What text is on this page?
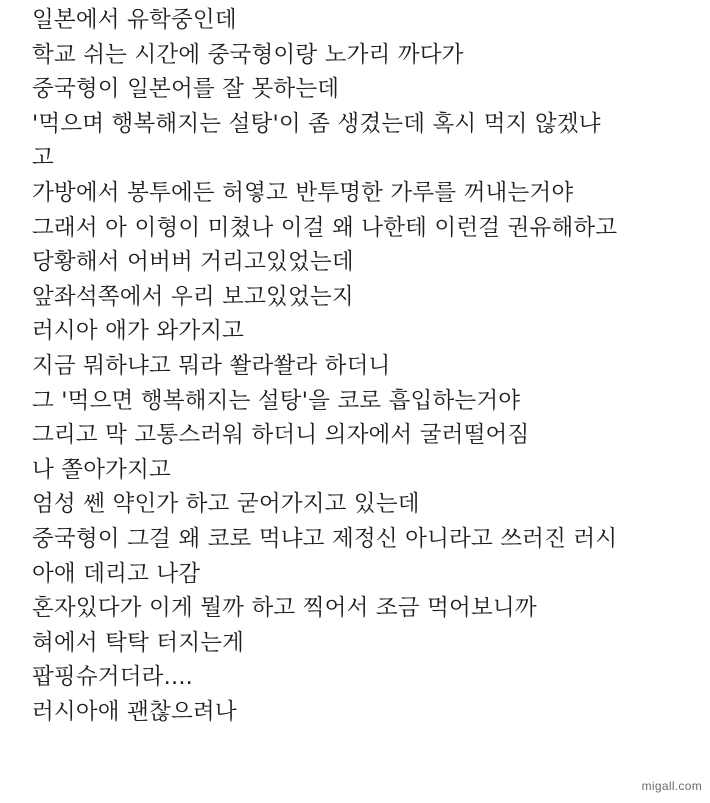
일본에서 유학중인데
학교 쉬는 시간에 중국형이랑 노가리 까다가
중국형이 일본어를 잘 못하는데
'먹으며 행복해지는 설탕'이 좀 생겼는데 혹시 먹지 않겠냐
고
가방에서 봉투에든 허옇고 반투명한 가루를 꺼내는거야
그래서 아 이형이 미쳤나 이걸 왜 나한테 이런걸 권유해하고
당황해서 어버버 거리고있었는데
앞좌석쪽에서 우리 보고있었는지
러시아 애가 와가지고
지금 뭐하냐고 뭐라 쏼라쏼라 하더니
그 '먹으면 행복해지는 설탕'을 코로 흡입하는거야
그리고 막 고통스러워 하더니 의자에서 굴러떨어짐
나 쫄아가지고
엄성 쎈 약인가 하고 굳어가지고 있는데
중국형이 그걸 왜 코로 먹냐고 제정신 아니라고 쓰러진 러시
아애 데리고 나감
혼자있다가 이게 뭘까 하고 찍어서 조금 먹어보니까
혀에서 탁탁 터지는게
팝핑슈거더라....
러시아애 괜찮으려나
migall.com
